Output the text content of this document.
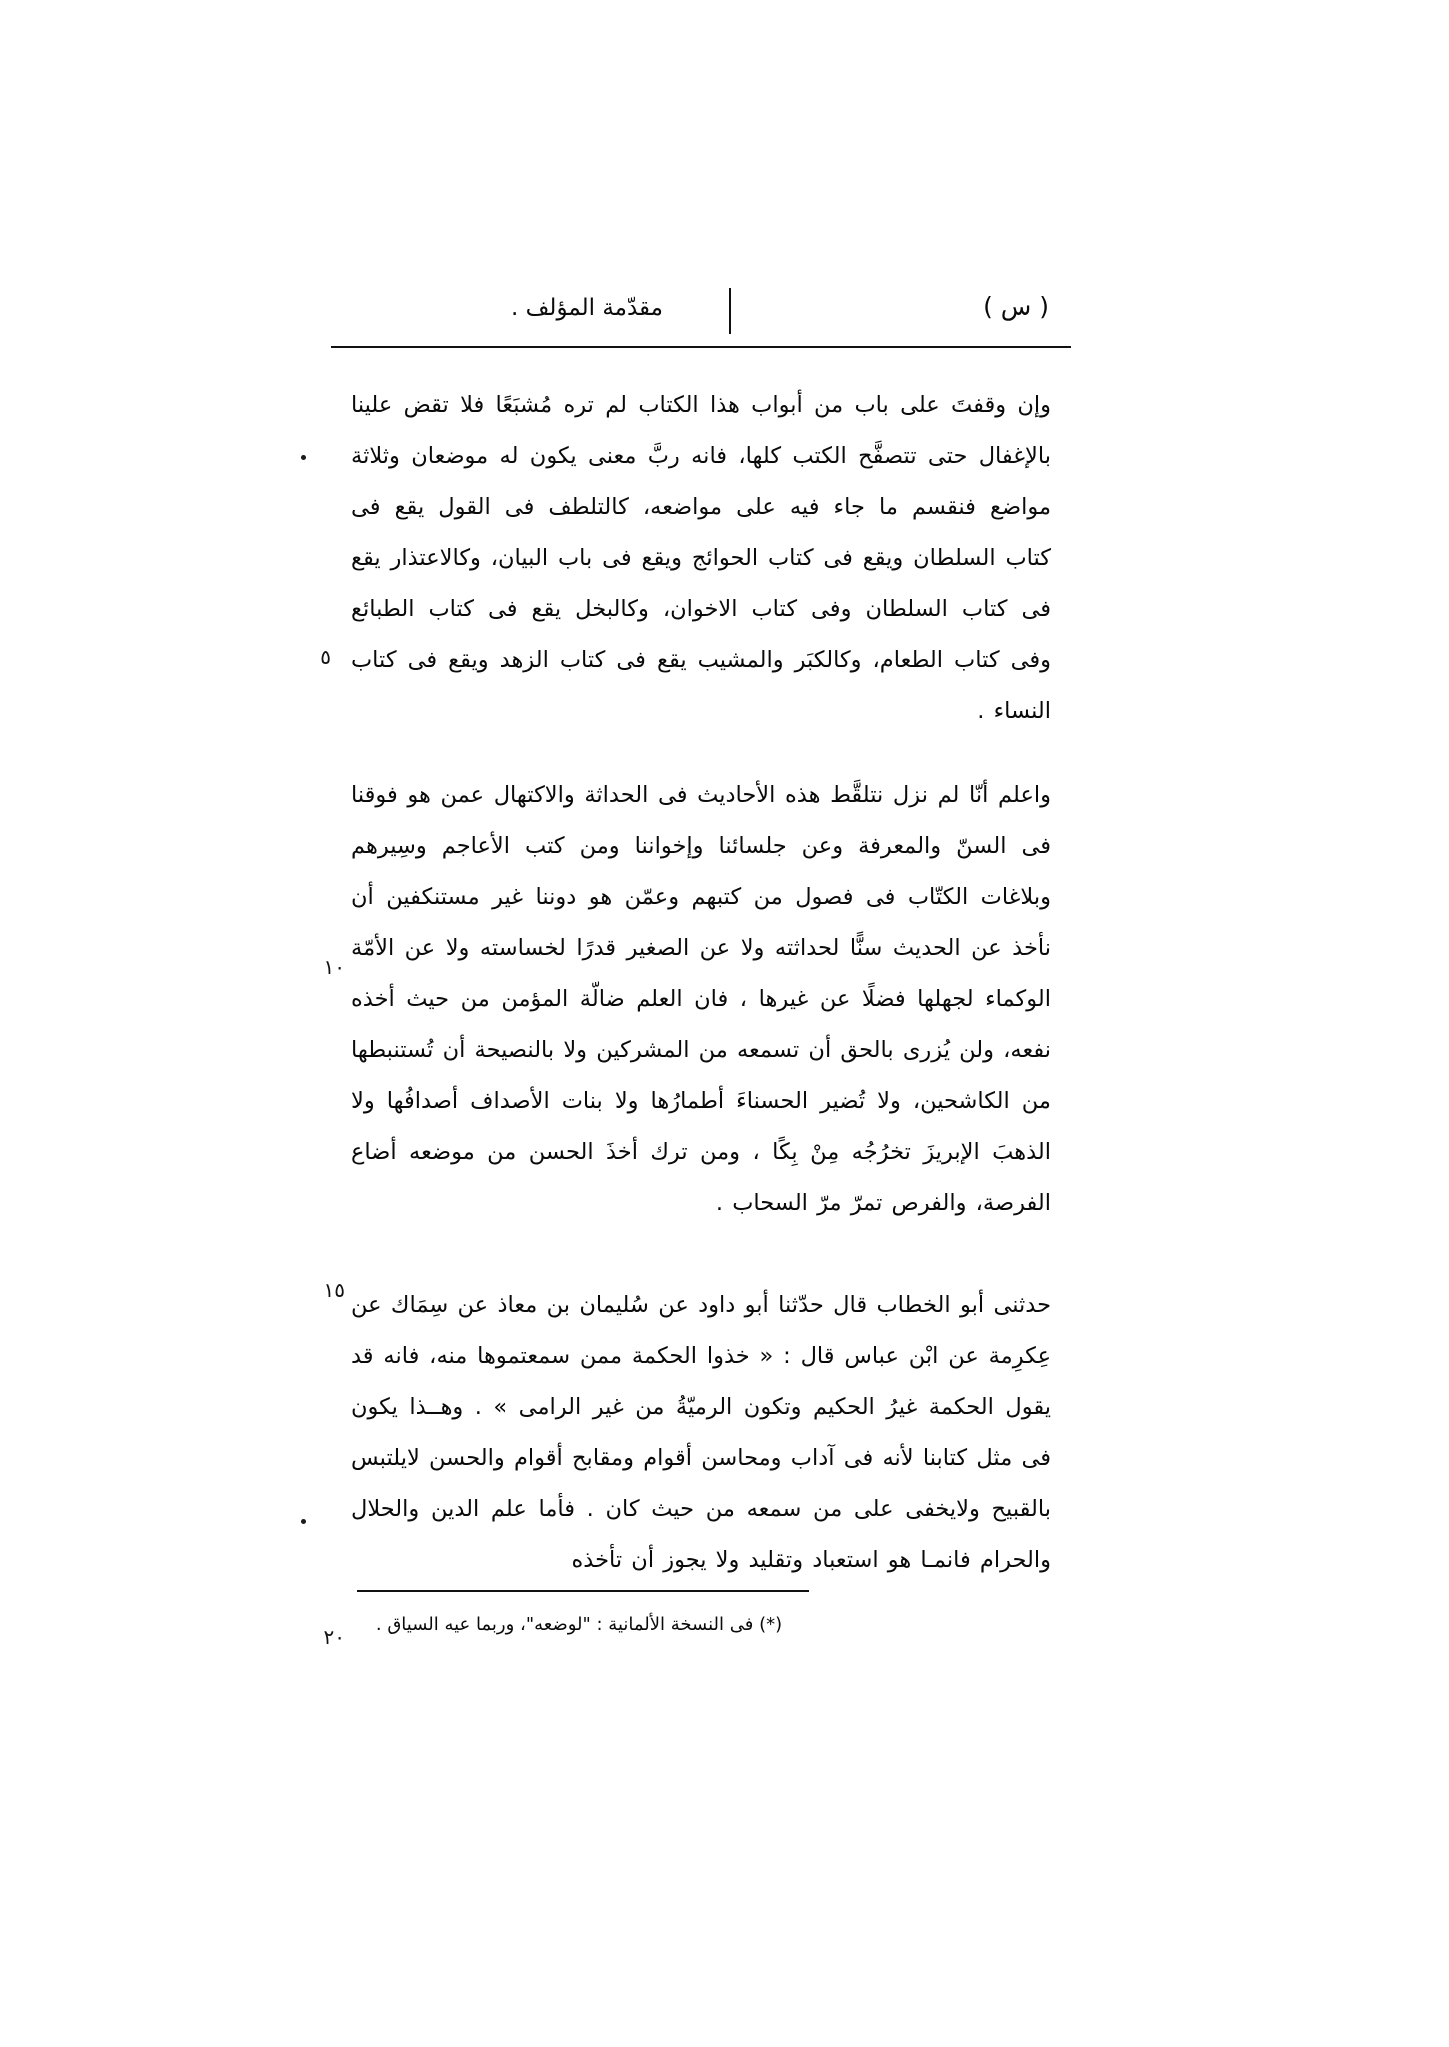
( س )
مقدّمة المؤلف .
٥
١٠
١٥
٢٠

وإن وقفتَ على باب من أبواب هذا الكتاب لم تره مُشبَعًا فلا تقض علينا بالإغفال حتى تتصفَّح الكتب كلها، فانه ربَّ معنى يكون له موضعان وثلاثة مواضع فنقسم ما جاء فيه على مواضعه، كالتلطف فى القول يقع فى كتاب السلطان ويقع فى كتاب الحوائج ويقع فى باب البيان، وكالاعتذار يقع فى كتاب السلطان وفى كتاب الاخوان، وكالبخل يقع فى كتاب الطبائع وفى كتاب الطعام، وكالكبَر والمشيب يقع فى كتاب الزهد ويقع فى كتاب النساء .

واعلم أنّا لم نزل نتلقَّط هذه الأحاديث فى الحداثة والاكتهال عمن هو فوقنا فى السنّ والمعرفة وعن جلسائنا وإخواننا ومن كتب الأعاجم وسِيرهم وبلاغات الكتّاب فى فصول من كتبهم وعمّن هو دوننا غير مستنكفين أن نأخذ عن الحديث سنًّا لحداثته ولا عن الصغير قدرًا لخساسته ولا عن الأمّة الوكماء لجهلها فضلًا عن غيرها ، فان العلم ضالّة المؤمن من حيث أخذه نفعه، ولن يُزرى بالحق أن تسمعه من المشركين ولا بالنصيحة أن تُستنبطها من الكاشحين، ولا تُضير الحسناءَ أطمارُها ولا بنات الأصداف أصدافُها ولا الذهبَ الإبريزَ تخرُجُه مِنْ بِكًا ، ومن ترك أخذَ الحسن من موضعه أضاع الفرصة، والفرص تمرّ مرّ السحاب .

حدثنى أبو الخطاب قال حدّثنا أبو داود عن سُليمان بن معاذ عن سِمَاك عن عِكرِمة عن ابْن عباس قال : « خذوا الحكمة ممن سمعتموها منه، فانه قد يقول الحكمة غيرُ الحكيم وتكون الرميّةُ من غير الرامى » . وهــذا يكون فى مثل كتابنا لأنه فى آداب ومحاسن أقوام ومقابح أقوام والحسن لايلتبس بالقبيح ولايخفى على من سمعه من حيث كان . فأما علم الدين والحلال والحرام فانمـا هو استعباد وتقليد ولا يجوز أن تأخذه

(*) فى النسخة الألمانية : "لوضعه"، وربما عيه السياق .
